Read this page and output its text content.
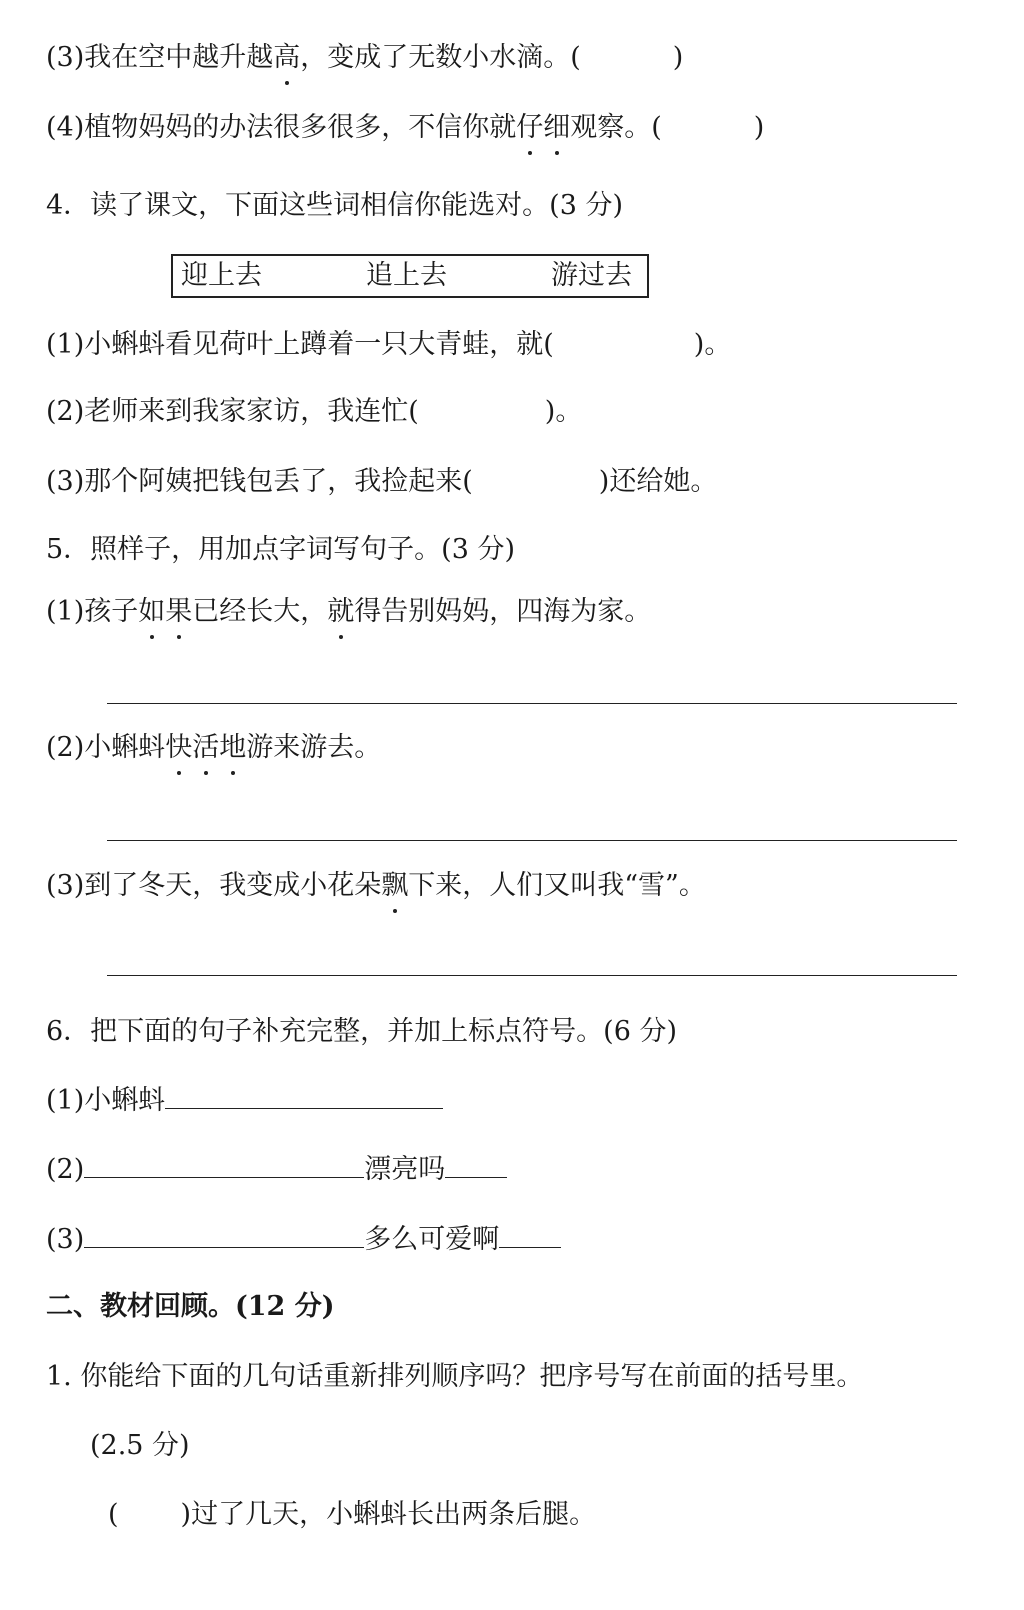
(3)我在空中越升越高，变成了无数小水滴。(	)
(4)植物妈妈的办法很多很多，不信你就仔细观察。(	)
4．读了课文，下面这些词相信你能选对。(3 分)
迎上去	追上去	游过去
(1)小蝌蚪看见荷叶上蹲着一只大青蛙，就(	)。
(2)老师来到我家家访，我连忙(	)。
(3)那个阿姨把钱包丢了，我捡起来(	)还给她。
5．照样子，用加点字词写句子。(3 分)
(1)孩子如果已经长大，就得告别妈妈，四海为家。
(2)小蝌蚪快活地游来游去。
(3)到了冬天，我变成小花朵飘下来，人们又叫我“雪”。
6．把下面的句子补充完整，并加上标点符号。(6 分)
(1)小蝌蚪
(2)	漂亮吗
(3)	多么可爱啊
二、教材回顾。(12 分)
1. 你能给下面的几句话重新排列顺序吗？把序号写在前面的括号里。
(2.5 分)
( )过了几天，小蝌蚪长出两条后腿。
